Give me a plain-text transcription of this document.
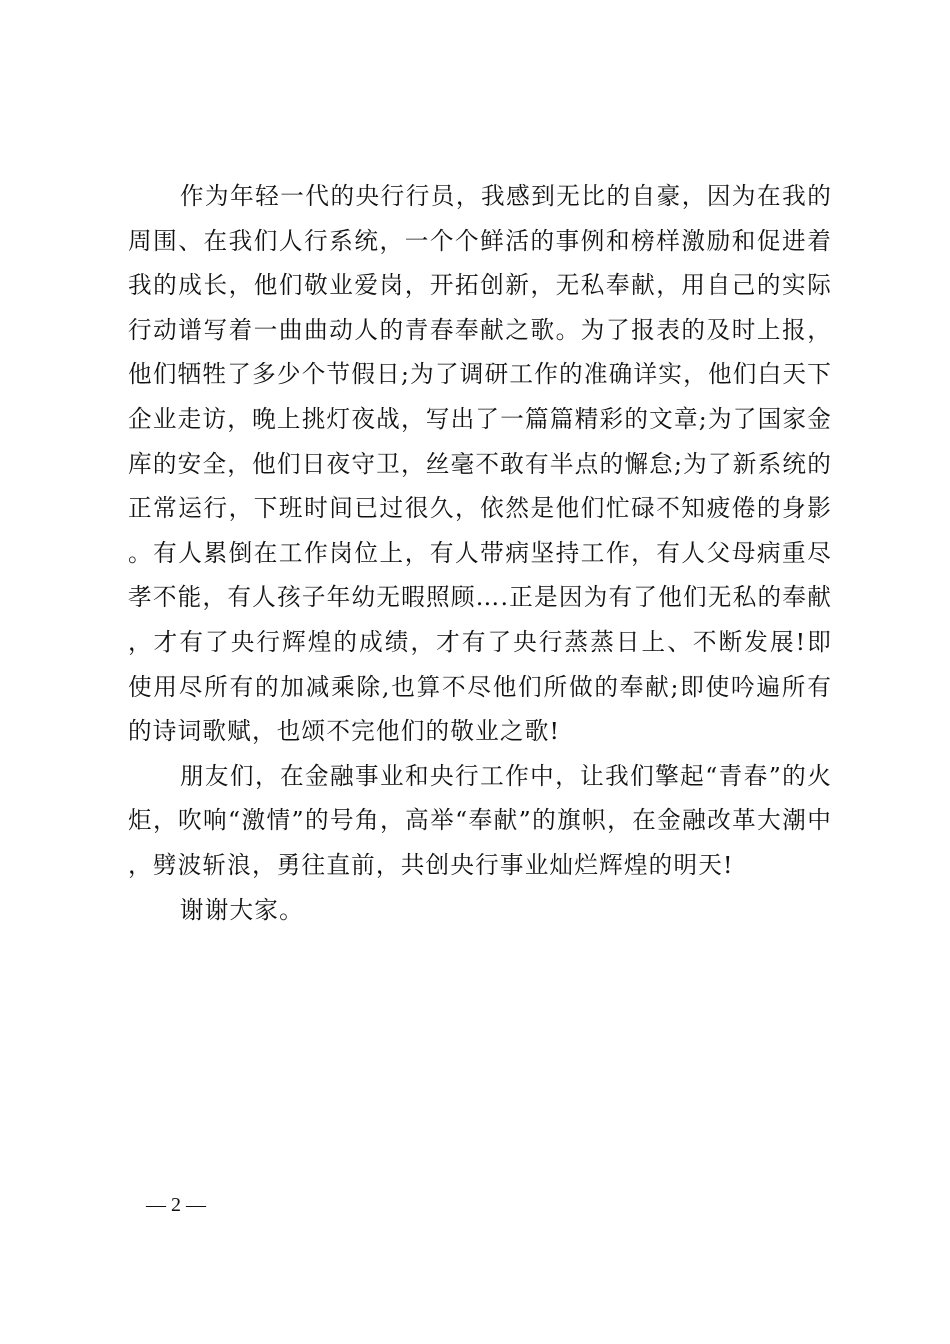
作为年轻一代的央行行员，我感到无比的自豪，因为在我的周围、在我们人行系统，一个个鲜活的事例和榜样激励和促进着我的成长，他们敬业爱岗，开拓创新，无私奉献，用自己的实际行动谱写着一曲曲动人的青春奉献之歌。为了报表的及时上报，他们牺牲了多少个节假日;为了调研工作的准确详实，他们白天下企业走访，晚上挑灯夜战，写出了一篇篇精彩的文章;为了国家金库的安全，他们日夜守卫，丝毫不敢有半点的懈怠;为了新系统的正常运行，下班时间已过很久，依然是他们忙碌不知疲倦的身影。有人累倒在工作岗位上，有人带病坚持工作，有人父母病重尽孝不能，有人孩子年幼无暇照顾….正是因为有了他们无私的奉献，才有了央行辉煌的成绩，才有了央行蒸蒸日上、不断发展!即使用尽所有的加减乘除,也算不尽他们所做的奉献;即使吟遍所有的诗词歌赋，也颂不完他们的敬业之歌!

朋友们，在金融事业和央行工作中，让我们擎起“青春”的火炬，吹响“激情”的号角，高举“奉献”的旗帜，在金融改革大潮中，劈波斩浪，勇往直前，共创央行事业灿烂辉煌的明天!

谢谢大家。

— 2 —
